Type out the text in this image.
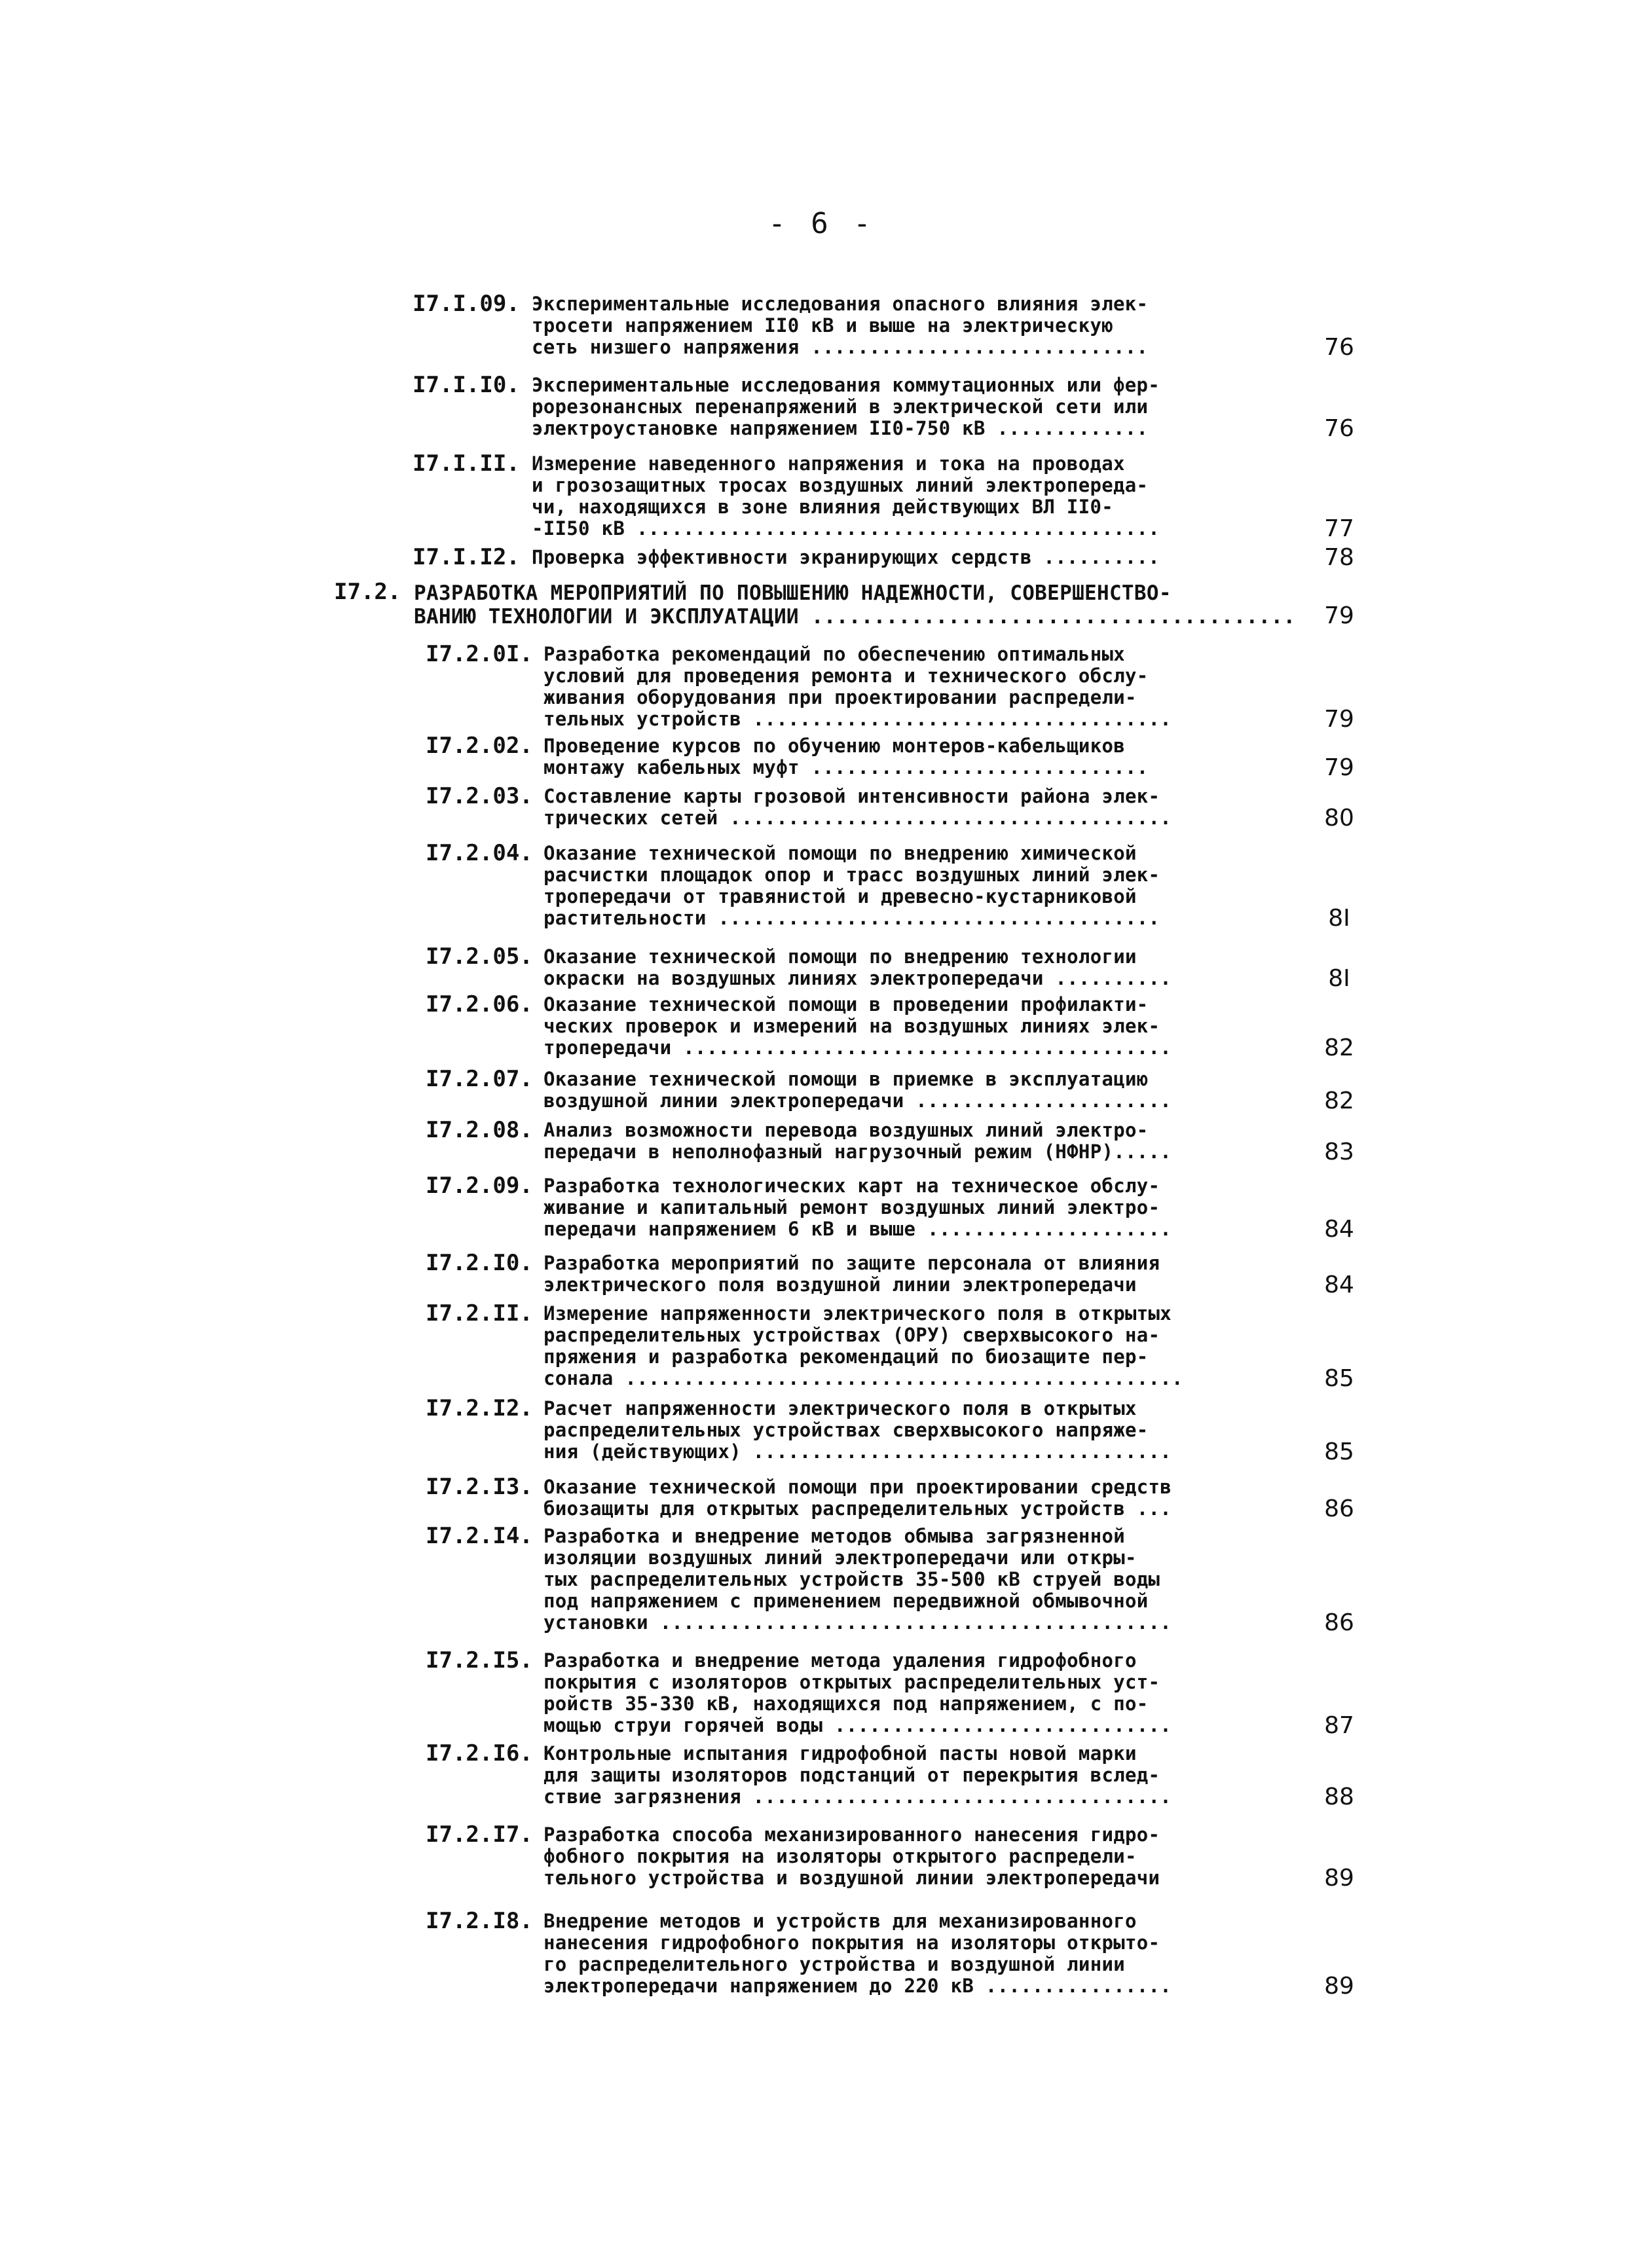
- 6 -
I7.I.09. Экспериментальные исследования опасного влияния элек-
тросети напряжением II0 кВ и выше на электрическую
сеть низшего напряжения .............................	76
I7.I.I0. Экспериментальные исследования коммутационных или фер-
рорезонансных перенапряжений в электрической сети или
электроустановке напряжением II0-750 кВ .............	76
I7.I.II. Измерение наведенного напряжения и тока на проводах
и грозозащитных тросах воздушных линий электропереда-
чи, находящихся в зоне влияния действующих ВЛ II0-
-II50 кВ .............................................	77
I7.I.I2. Проверка эффективности экранирующих сердств ..........	78
I7.2. РАЗРАБОТКА МЕРОПРИЯТИЙ ПО ПОВЫШЕНИЮ НАДЕЖНОСТИ, СОВЕРШЕНСТВО-
ВАНИЮ ТЕХНОЛОГИИ И ЭКСПЛУАТАЦИИ .......................................	79
I7.2.0I. Разработка рекомендаций по обеспечению оптимальных
условий для проведения ремонта и технического обслу-
живания оборудования при проектировании распредели-
тельных устройств ....................................	79
I7.2.02. Проведение курсов по обучению монтеров-кабельщиков
монтажу кабельных муфт .............................	79
I7.2.03. Составление карты грозовой интенсивности района элек-
трических сетей ......................................	80
I7.2.04. Оказание технической помощи по внедрению химической
расчистки площадок опор и трасс воздушных линий элек-
тропередачи от травянистой и древесно-кустарниковой
растительности ......................................	8I
I7.2.05. Оказание технической помощи по внедрению технологии
окраски на воздушных линиях электропередачи ..........	8I
I7.2.06. Оказание технической помощи в проведении профилакти-
ческих проверок и измерений на воздушных линиях элек-
тропередачи ..........................................	82
I7.2.07. Оказание технической помощи в приемке в эксплуатацию
воздушной линии электропередачи ......................	82
I7.2.08. Анализ возможности перевода воздушных линий электро-
передачи в неполнофазный нагрузочный режим (НФНР).....	83
I7.2.09. Разработка технологических карт на техническое обслу-
живание и капитальный ремонт воздушных линий электро-
передачи напряжением 6 кВ и выше .....................	84
I7.2.I0. Разработка мероприятий по защите персонала от влияния
электрического поля воздушной линии электропередачи	84
I7.2.II. Измерение напряженности электрического поля в открытых
распределительных устройствах (ОРУ) сверхвысокого на-
пряжения и разработка рекомендаций по биозащите пер-
сонала ................................................	85
I7.2.I2. Расчет напряженности электрического поля в открытых
распределительных устройствах сверхвысокого напряже-
ния (действующих) ....................................	85
I7.2.I3. Оказание технической помощи при проектировании средств
биозащиты для открытых распределительных устройств ...	86
I7.2.I4. Разработка и внедрение методов обмыва загрязненной
изоляции воздушных линий электропередачи или откры-
тых распределительных устройств 35-500 кВ струей воды
под напряжением с применением передвижной обмывочной
установки ............................................	86
I7.2.I5. Разработка и внедрение метода удаления гидрофобного
покрытия с изоляторов открытых распределительных уст-
ройств 35-330 кВ, находящихся под напряжением, с по-
мощью струи горячей воды .............................	87
I7.2.I6. Контрольные испытания гидрофобной пасты новой марки
для защиты изоляторов подстанций от перекрытия вслед-
ствие загрязнения ....................................	88
I7.2.I7. Разработка способа механизированного нанесения гидро-
фобного покрытия на изоляторы открытого распредели-
тельного устройства и воздушной линии электропередачи	89
I7.2.I8. Внедрение методов и устройств для механизированного
нанесения гидрофобного покрытия на изоляторы открыто-
го распределительного устройства и воздушной линии
электропередачи напряжением до 220 кВ ................	89
